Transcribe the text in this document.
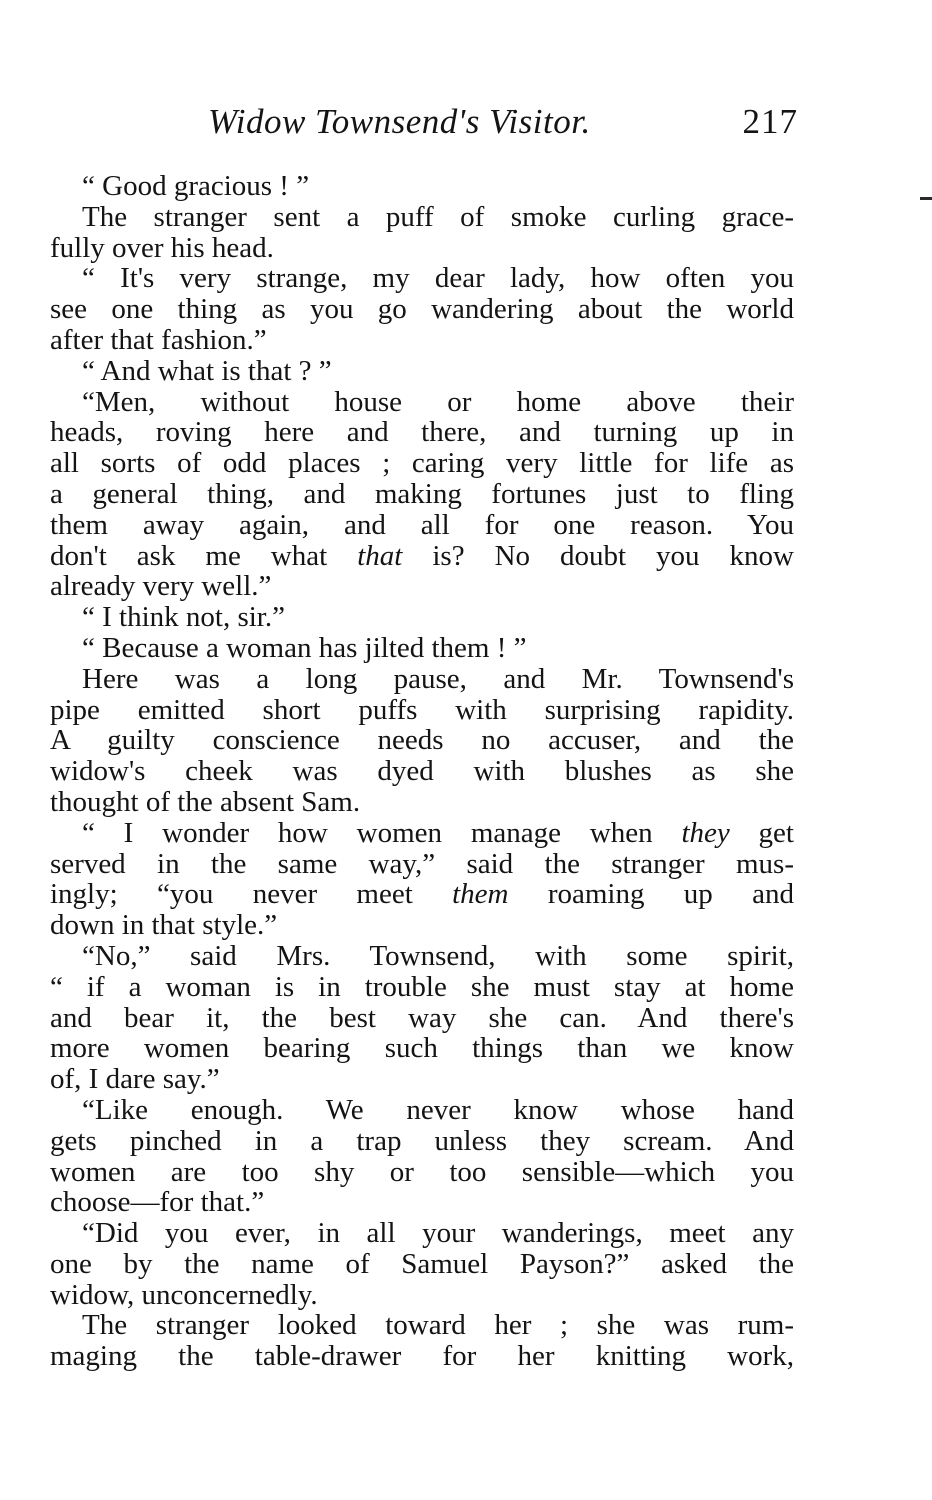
Widow Townsend's Visitor.	217
“ Good gracious ! ”
The stranger sent a puff of smoke curling grace-
fully over his head.
“ It's very strange, my dear lady, how often you
see one thing as you go wandering about the world
after that fashion.”
“ And what is that ? ”
“Men, without house or home above their
heads, roving here and there, and turning up in
all sorts of odd places ; caring very little for life as
a general thing, and making fortunes just to fling
them away again, and all for one reason. You
don't ask me what that is? No doubt you know
already very well.”
“ I think not, sir.”
“ Because a woman has jilted them ! ”
Here was a long pause, and Mr. Townsend's
pipe emitted short puffs with surprising rapidity.
A guilty conscience needs no accuser, and the
widow's cheek was dyed with blushes as she
thought of the absent Sam.
“ I wonder how women manage when they get
served in the same way,” said the stranger mus-
ingly; “you never meet them roaming up and
down in that style.”
“No,” said Mrs. Townsend, with some spirit,
“ if a woman is in trouble she must stay at home
and bear it, the best way she can. And there's
more women bearing such things than we know
of, I dare say.”
“Like enough. We never know whose hand
gets pinched in a trap unless they scream. And
women are too shy or too sensible—which you
choose—for that.”
“Did you ever, in all your wanderings, meet any
one by the name of Samuel Payson?” asked the
widow, unconcernedly.
The stranger looked toward her ; she was rum-
maging the table-drawer for her knitting work,
